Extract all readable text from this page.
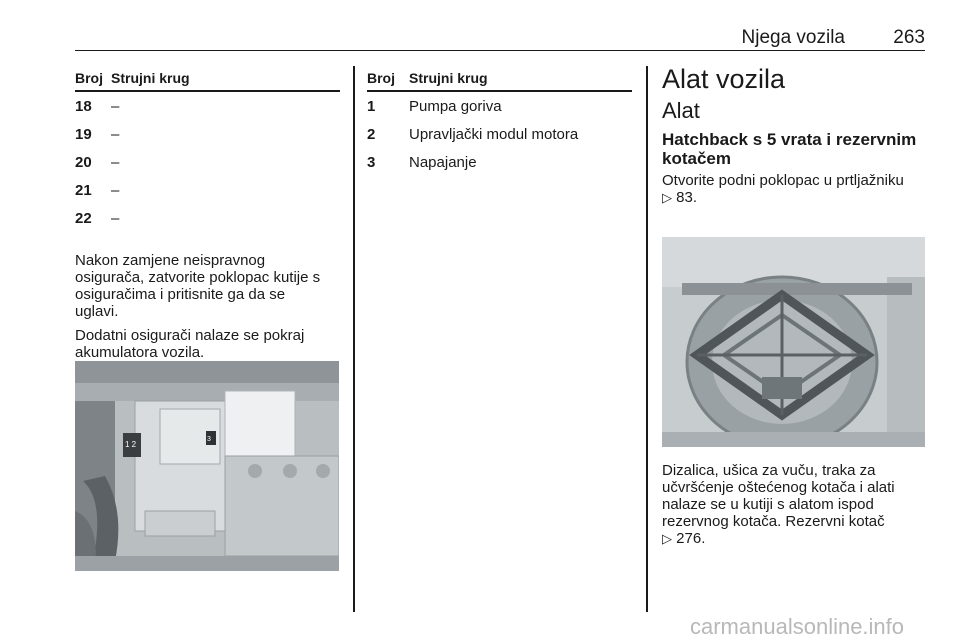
Njega vozila	263
Broj	Strujni krug
18	–
19	–
20	–
21	–
22	–

Nakon zamjene neispravnog
osigurača, zatvorite poklopac kutije s
osiguračima i pritisnite ga da se
uglavi.

Dodatni osigurači nalaze se pokraj
akumulatora vozila.

3
1 2
Broj	Strujni krug
1	Pumpa goriva
2	Upravljački modul motora
3	Napajanje
Alat vozila
Alat
Hatchback s 5 vrata i rezervnim
kotačem

Otvorite podni poklopac u prtljažniku
▷ 83.

Dizalica, ušica za vuču, traka za
učvršćenje oštećenog kotača i alati
nalaze se u kutiji s alatom ispod
rezervnog kotača. Rezervni kotač
▷ 276.

carmanualsonline.info
